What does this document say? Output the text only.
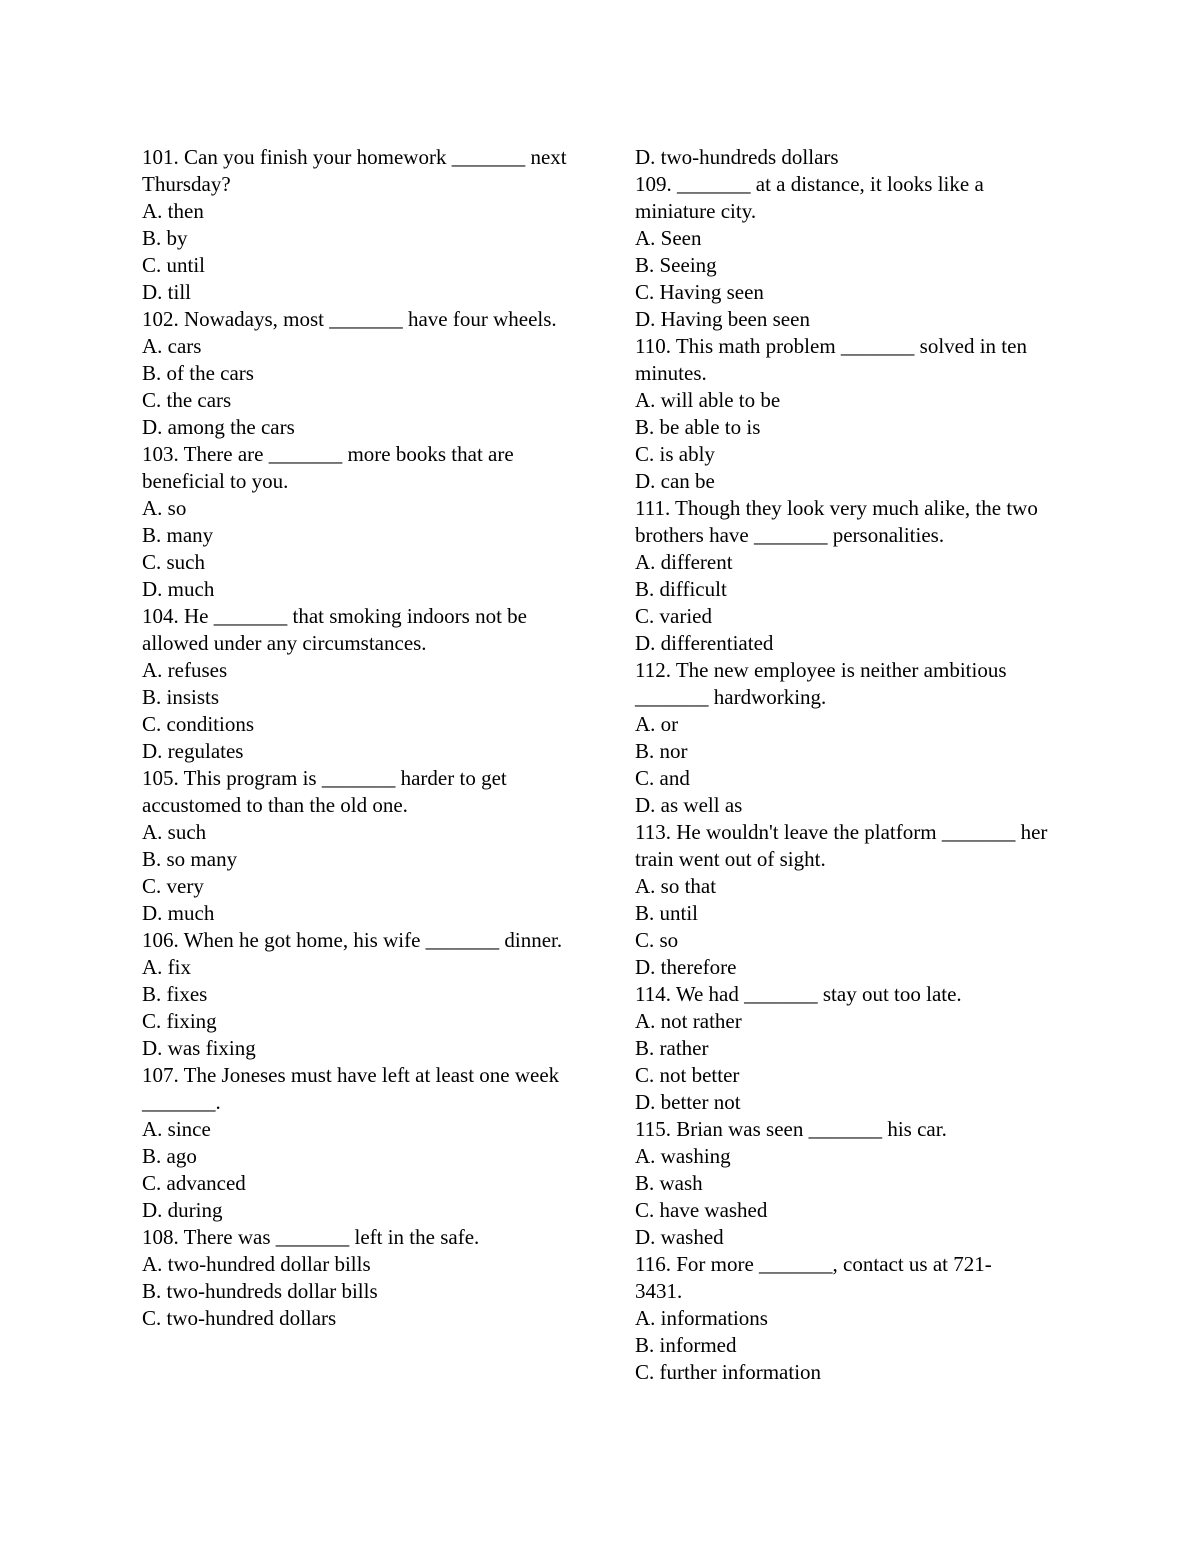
101. Can you finish your homework _______ next Thursday?
A. then
B. by
C. until
D. till
102. Nowadays, most _______ have four wheels.
A. cars
B. of the cars
C. the cars
D. among the cars
103. There are _______ more books that are beneficial to you.
A. so
B. many
C. such
D. much
104. He _______ that smoking indoors not be allowed under any circumstances.
A. refuses
B. insists
C. conditions
D. regulates
105. This program is _______ harder to get accustomed to than the old one.
A. such
B. so many
C. very
D. much
106. When he got home, his wife _______ dinner.
A. fix
B. fixes
C. fixing
D. was fixing
107. The Joneses must have left at least one week _______.
A. since
B. ago
C. advanced
D. during
108. There was _______ left in the safe.
A. two-hundred dollar bills
B. two-hundreds dollar bills
C. two-hundred dollars
D. two-hundreds dollars
109. _______ at a distance, it looks like a miniature city.
A. Seen
B. Seeing
C. Having seen
D. Having been seen
110. This math problem _______ solved in ten minutes.
A. will able to be
B. be able to is
C. is ably
D. can be
111. Though they look very much alike, the two brothers have _______ personalities.
A. different
B. difficult
C. varied
D. differentiated
112. The new employee is neither ambitious _______ hardworking.
A. or
B. nor
C. and
D. as well as
113. He wouldn't leave the platform _______ her train went out of sight.
A. so that
B. until
C. so
D. therefore
114. We had _______ stay out too late.
A. not rather
B. rather
C. not better
D. better not
115. Brian was seen _______ his car.
A. washing
B. wash
C. have washed
D. washed
116. For more _______, contact us at 721-
3431.
A. informations
B. informed
C. further information
